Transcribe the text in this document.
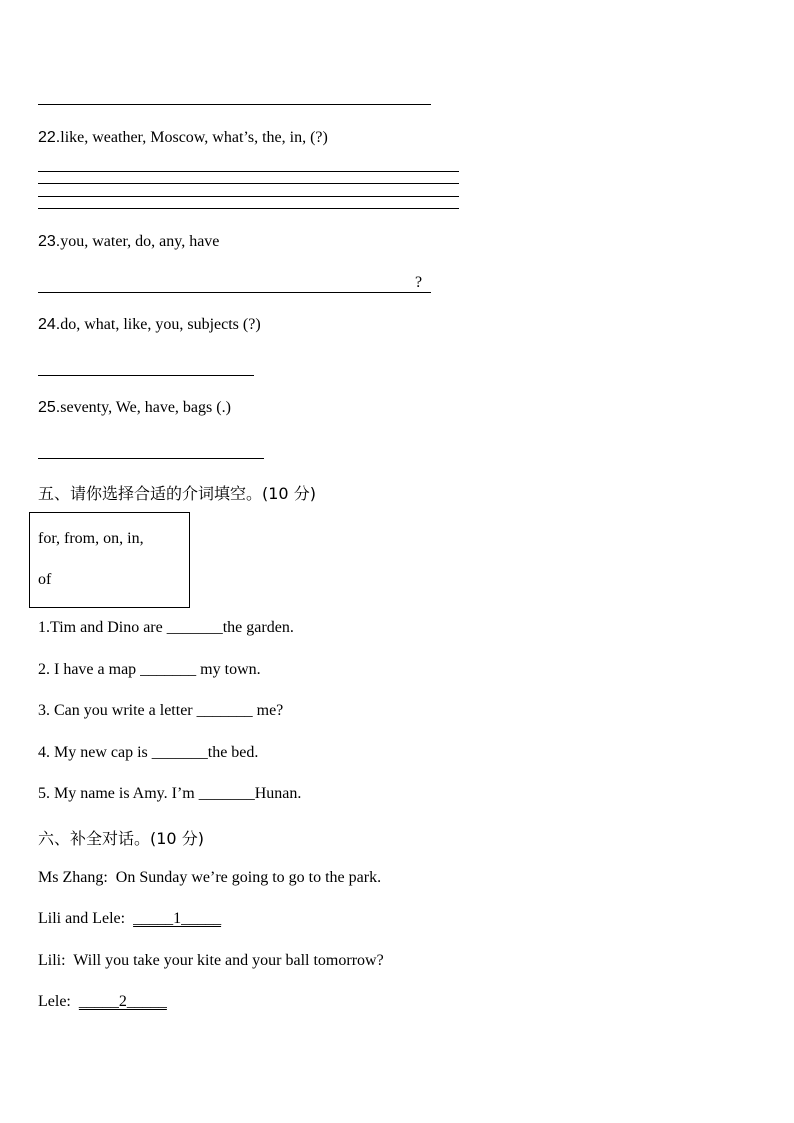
22.like, weather, Moscow, what’s, the, in, (?)
23.you, water, do, any, have
?
24.do, what, like, you, subjects (?)
25.seventy, We, have, bags (.)
五、请你选择合适的介词填空。(10 分)
for, from, on, in,
of
1.Tim and Dino are _______the garden.
2. I have a map _______ my town.
3. Can you write a letter _______ me?
4. My new cap is _______the bed.
5. My name is Amy. I’m _______Hunan.
六、补全对话。(10 分)
Ms Zhang: On Sunday we’re going to go to the park.
Lili and Lele: _____1_____
Lili: Will you take your kite and your ball tomorrow?
Lele: _____2_____
